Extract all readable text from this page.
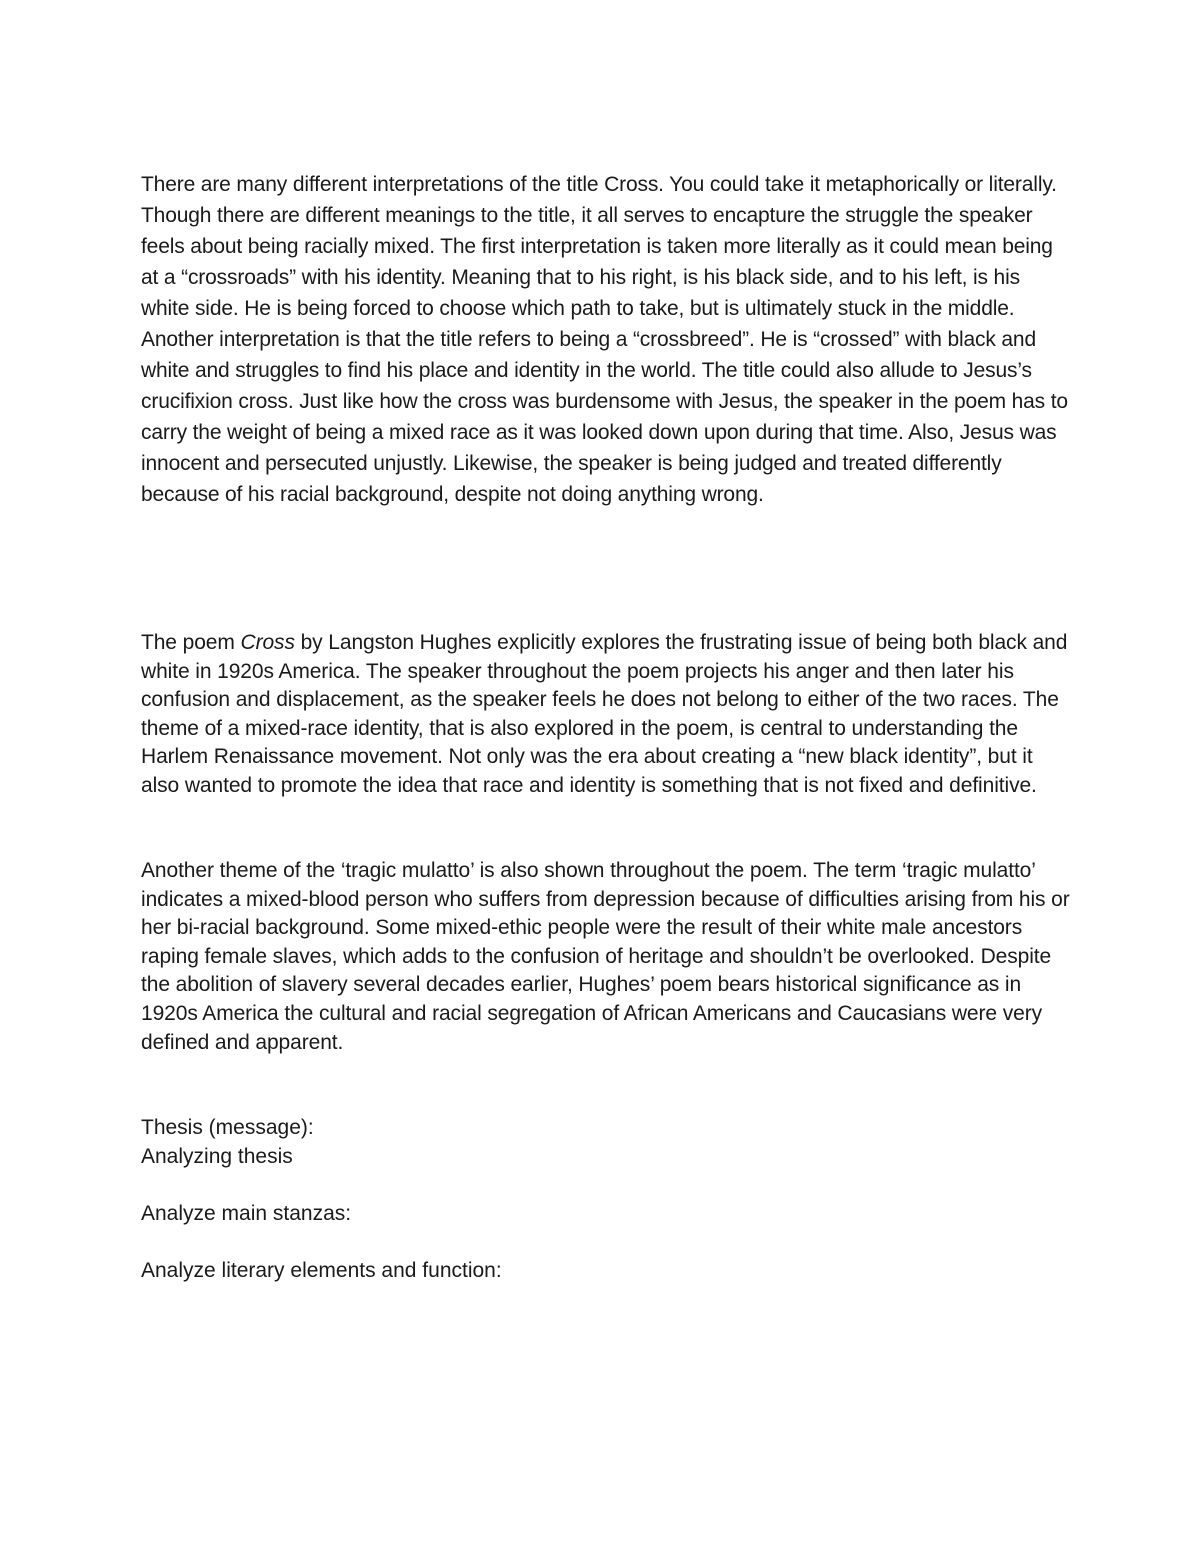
There are many different interpretations of the title Cross. You could take it metaphorically or literally. Though there are different meanings to the title, it all serves to encapture the struggle the speaker feels about being racially mixed. The first interpretation is taken more literally as it could mean being at a “crossroads” with his identity. Meaning that to his right, is his black side, and to his left, is his white side. He is being forced to choose which path to take, but is ultimately stuck in the middle. Another interpretation is that the title refers to being a “crossbreed”. He is “crossed” with black and white and struggles to find his place and identity in the world. The title could also allude to Jesus’s crucifixion cross. Just like how the cross was burdensome with Jesus, the speaker in the poem has to carry the weight of being a mixed race as it was looked down upon during that time. Also, Jesus was innocent and persecuted unjustly. Likewise, the speaker is being judged and treated differently because of his racial background, despite not doing anything wrong.

The poem Cross by Langston Hughes explicitly explores the frustrating issue of being both black and white in 1920s America. The speaker throughout the poem projects his anger and then later his confusion and displacement, as the speaker feels he does not belong to either of the two races. The theme of a mixed-race identity, that is also explored in the poem, is central to understanding the Harlem Renaissance movement. Not only was the era about creating a “new black identity”, but it also wanted to promote the idea that race and identity is something that is not fixed and definitive.

Another theme of the ‘tragic mulatto’ is also shown throughout the poem. The term ‘tragic mulatto’ indicates a mixed-blood person who suffers from depression because of difficulties arising from his or her bi-racial background. Some mixed-ethic people were the result of their white male ancestors raping female slaves, which adds to the confusion of heritage and shouldn’t be overlooked. Despite the abolition of slavery several decades earlier, Hughes’ poem bears historical significance as in 1920s America the cultural and racial segregation of African Americans and Caucasians were very defined and apparent.

Thesis (message):

Analyzing thesis

Analyze main stanzas:

Analyze literary elements and function:
